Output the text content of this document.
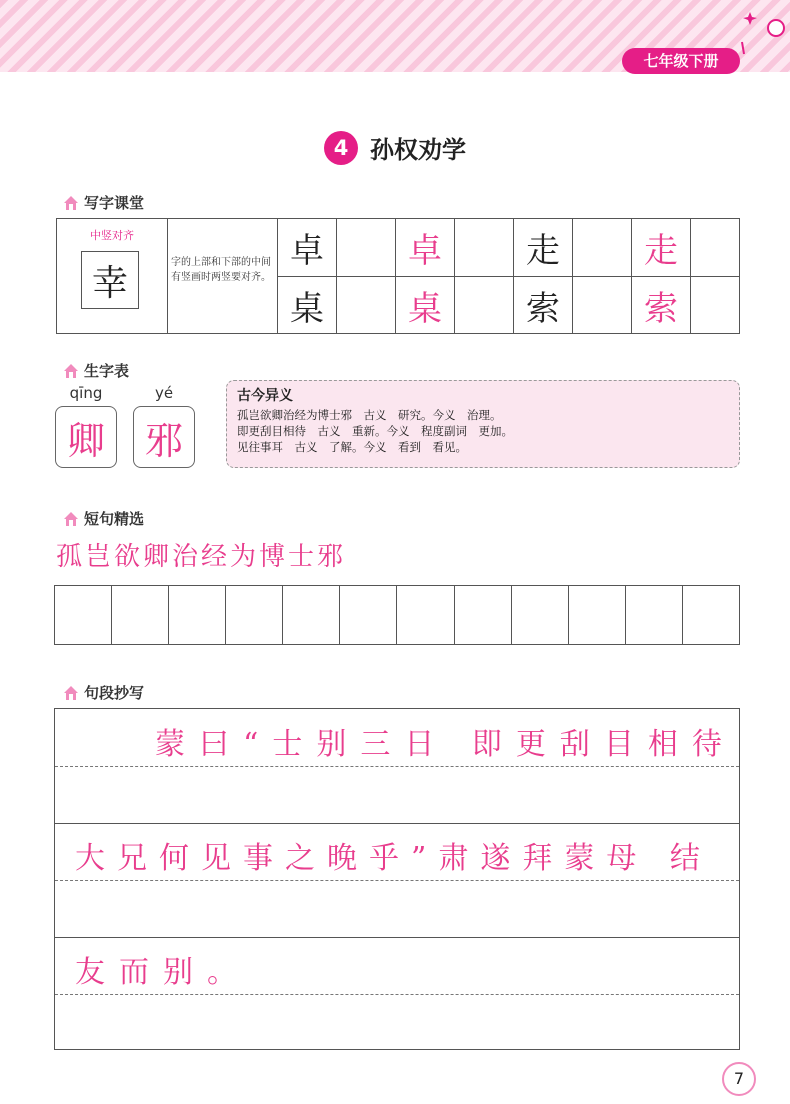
七年级下册
4 孙权劝学
写字课堂
中竖对齐
幸	字的上部和下部的中间有竖画时两竖要对齐。
卓	卓	走	走
桌	桌	索	索
生字表
qīng
卿
yé
邪
古今异义
孤岂欲卿治经为博士邪　古义　研究。今义　治理。
即更刮目相待　古义　重新。今义　程度副词　更加。
见往事耳　古义　了解。今义　看到　看见。
短句精选
孤岂欲卿治经为博士邪
句段抄写
蒙曰“士别三日 即更刮目相待
大兄何见事之晚乎”肃遂拜蒙母 结
友而别。
7
